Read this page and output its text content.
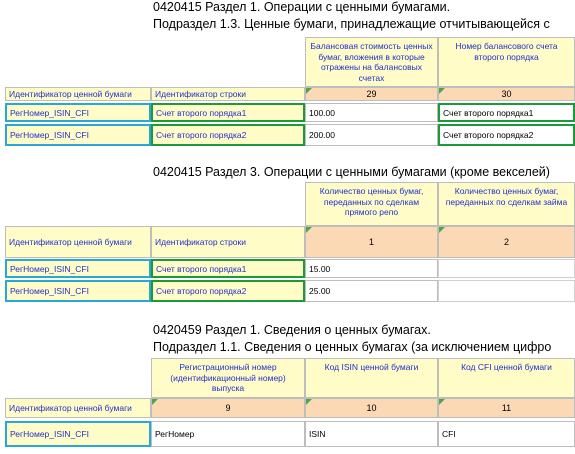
0420415 Раздел 1. Операции с ценными бумагами.
Подраздел 1.3. Ценные бумаги, принадлежащие отчитывающейся с
Балансовая стоимость ценных бумаг, вложения в которые отражены на балансовых счетах
Номер балансового счета второго порядка
Идентификатор ценной бумаги	Идентификатор строки	29	30
РегНомер_ISIN_CFI	Счет второго порядка1	100.00	Счет второго порядка1
РегНомер_ISIN_CFI	Счет второго порядка2	200.00	Счет второго порядка2
0420415 Раздел 3. Операции с ценными бумагами (кроме векселей)
Количество ценных бумаг, переданных по сделкам прямого репо
Количество ценных бумаг, переданных по сделкам займа
Идентификатор ценной бумаги	Идентификатор строки	1	2
РегНомер_ISIN_CFI	Счет второго порядка1	15.00
РегНомер_ISIN_CFI	Счет второго порядка2	25.00
0420459 Раздел 1. Сведения о ценных бумагах.
Подраздел 1.1. Сведения о ценных бумагах (за исключением цифро
Регистрационный номер (идентификационный номер) выпуска
Код ISIN ценной бумаги	Код CFI ценной бумаги
Идентификатор ценной бумаги	9	10	11
РегНомер_ISIN_CFI	РегНомер	ISIN	CFI
